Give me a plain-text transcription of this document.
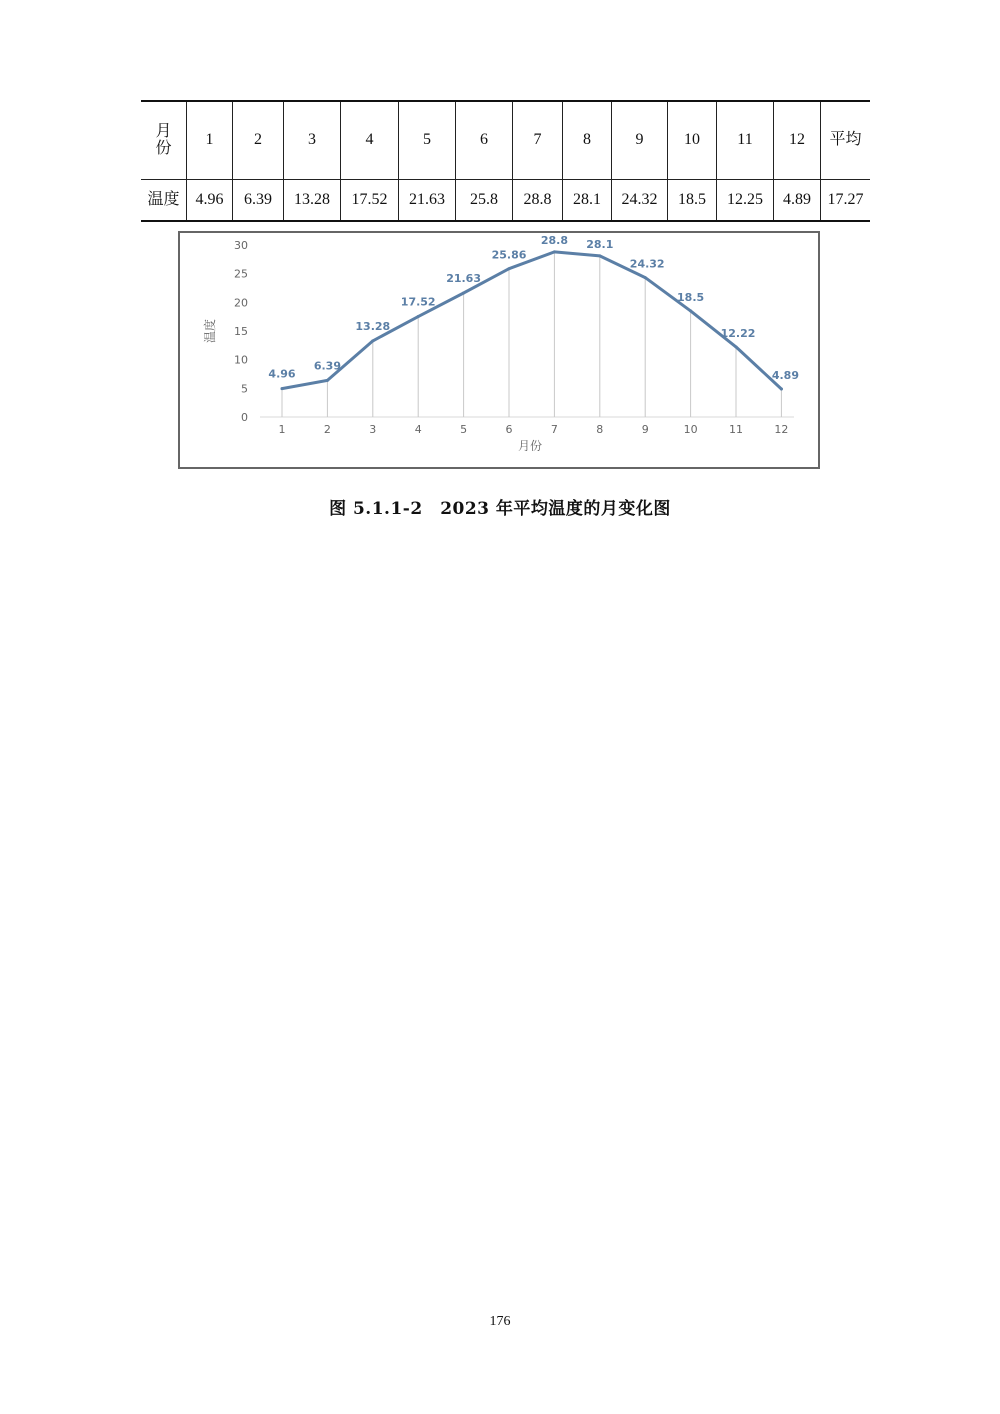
月
份	1	2	3	4	5	6	7	8	9	10	11	12	平均
温度	4.96	6.39	13.28	17.52	21.63	25.8	28.8	28.1	24.32	18.5	12.25	4.89	17.27
0
5
10
15
20
25
30
1	2	3	4	5	6	7	8	9	10	11	12
月份
温度
4.96
6.39
13.28
17.52
21.63
25.86
28.8 28.1
24.32
18.5
12.22
4.89
图 5.1.1-2　2023 年平均温度的月变化图
176
